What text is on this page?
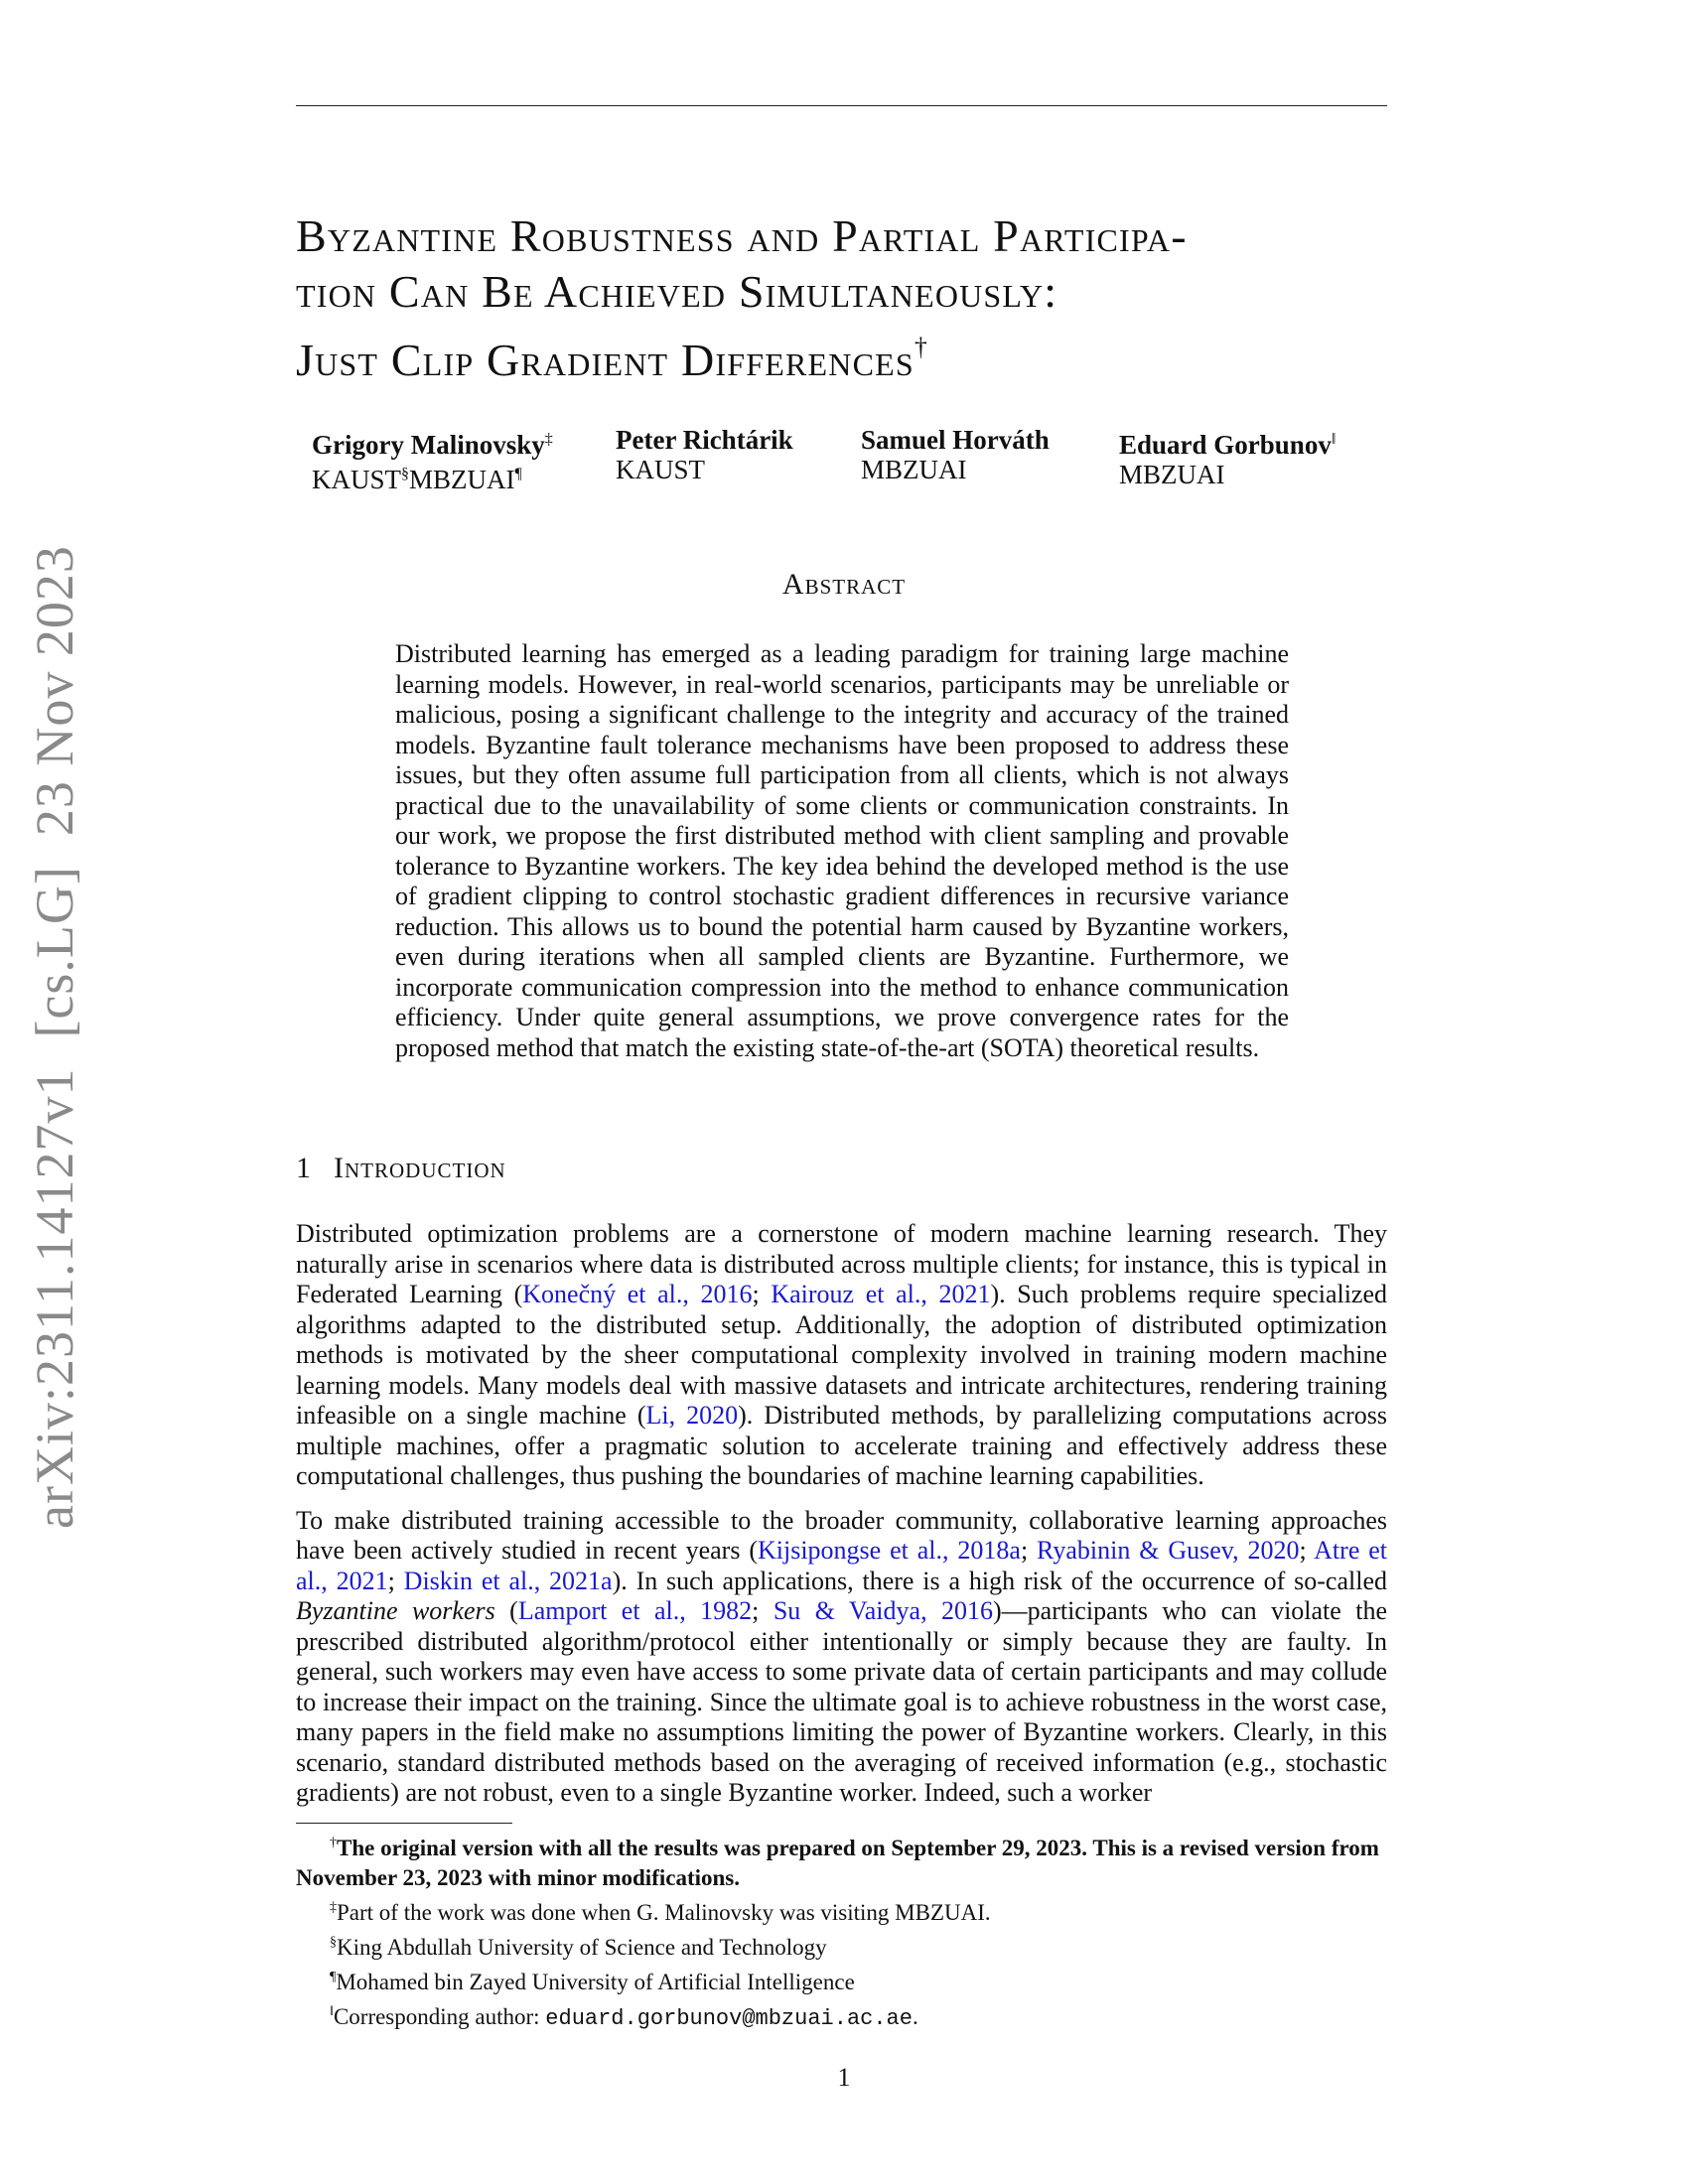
arXiv:2311.14127v1[cs.LG]23 Nov 2023
Byzantine Robustness and Partial Participa-
tion Can Be Achieved Simultaneously:
Just Clip Gradient Differences†
Grigory Malinovsky‡
KAUST§MBZUAI¶
Peter Richtárik
KAUST
Samuel Horváth
MBZUAI
Eduard Gorbunov‖
MBZUAI
Abstract
Distributed learning has emerged as a leading paradigm for training large machine learning models. However, in real-world scenarios, participants may be unreliable or malicious, posing a significant challenge to the integrity and accuracy of the trained models. Byzantine fault tolerance mechanisms have been proposed to address these issues, but they often assume full participation from all clients, which is not always practical due to the unavailability of some clients or communication constraints. In our work, we propose the first distributed method with client sampling and provable tolerance to Byzantine workers. The key idea behind the developed method is the use of gradient clipping to control stochastic gradient differences in recursive variance reduction. This allows us to bound the potential harm caused by Byzantine workers, even during iterations when all sampled clients are Byzantine. Furthermore, we incorporate communication compression into the method to enhance communication efficiency. Under quite general assumptions, we prove convergence rates for the proposed method that match the existing state-of-the-art (SOTA) theoretical results.
1 Introduction

Distributed optimization problems are a cornerstone of modern machine learning research. They naturally arise in scenarios where data is distributed across multiple clients; for instance, this is typical in Federated Learning (Konečný et al., 2016; Kairouz et al., 2021). Such problems require specialized algorithms adapted to the distributed setup. Additionally, the adoption of distributed optimization methods is motivated by the sheer computational complexity involved in training modern machine learning models. Many models deal with massive datasets and intricate architectures, rendering training infeasible on a single machine (Li, 2020). Distributed methods, by parallelizing computations across multiple machines, offer a pragmatic solution to accelerate training and effectively address these computational challenges, thus pushing the boundaries of machine learning capabilities.

To make distributed training accessible to the broader community, collaborative learning approaches have been actively studied in recent years (Kijsipongse et al., 2018a; Ryabinin & Gusev, 2020; Atre et al., 2021; Diskin et al., 2021a). In such applications, there is a high risk of the occurrence of so-called Byzantine workers (Lamport et al., 1982; Su & Vaidya, 2016)—participants who can violate the prescribed distributed algorithm/protocol either intentionally or simply because they are faulty. In general, such workers may even have access to some private data of certain participants and may collude to increase their impact on the training. Since the ultimate goal is to achieve robustness in the worst case, many papers in the field make no assumptions limiting the power of Byzantine workers. Clearly, in this scenario, standard distributed methods based on the averaging of received information (e.g., stochastic gradients) are not robust, even to a single Byzantine worker. Indeed, such a worker

†The original version with all the results was prepared on September 29, 2023. This is a revised version from November 23, 2023 with minor modifications.
‡Part of the work was done when G. Malinovsky was visiting MBZUAI.
§King Abdullah University of Science and Technology
¶Mohamed bin Zayed University of Artificial Intelligence
‖Corresponding author: eduard.gorbunov@mbzuai.ac.ae.
1
